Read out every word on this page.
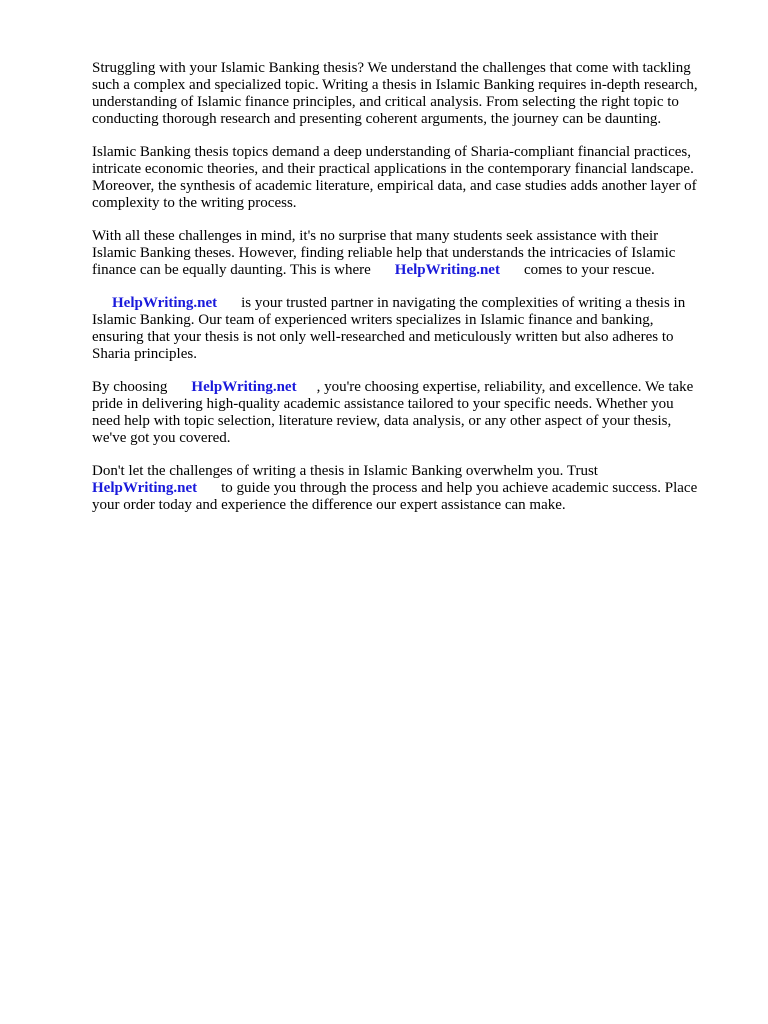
Struggling with your Islamic Banking thesis? We understand the challenges that come with tackling
such a complex and specialized topic. Writing a thesis in Islamic Banking requires in-depth research,
understanding of Islamic finance principles, and critical analysis. From selecting the right topic to
conducting thorough research and presenting coherent arguments, the journey can be daunting.

Islamic Banking thesis topics demand a deep understanding of Sharia-compliant financial practices,
intricate economic theories, and their practical applications in the contemporary financial landscape.
Moreover, the synthesis of academic literature, empirical data, and case studies adds another layer of
complexity to the writing process.

With all these challenges in mind, it's no surprise that many students seek assistance with their
Islamic Banking theses. However, finding reliable help that understands the intricacies of Islamic
finance can be equally daunting. This is where HelpWriting.net comes to your rescue.

HelpWriting.net is your trusted partner in navigating the complexities of writing a thesis in
Islamic Banking. Our team of experienced writers specializes in Islamic finance and banking,
ensuring that your thesis is not only well-researched and meticulously written but also adheres to
Sharia principles.

By choosing HelpWriting.net , you're choosing expertise, reliability, and excellence. We take
pride in delivering high-quality academic assistance tailored to your specific needs. Whether you
need help with topic selection, literature review, data analysis, or any other aspect of your thesis,
we've got you covered.

Don't let the challenges of writing a thesis in Islamic Banking overwhelm you. Trust
HelpWriting.net to guide you through the process and help you achieve academic success. Place
your order today and experience the difference our expert assistance can make.
